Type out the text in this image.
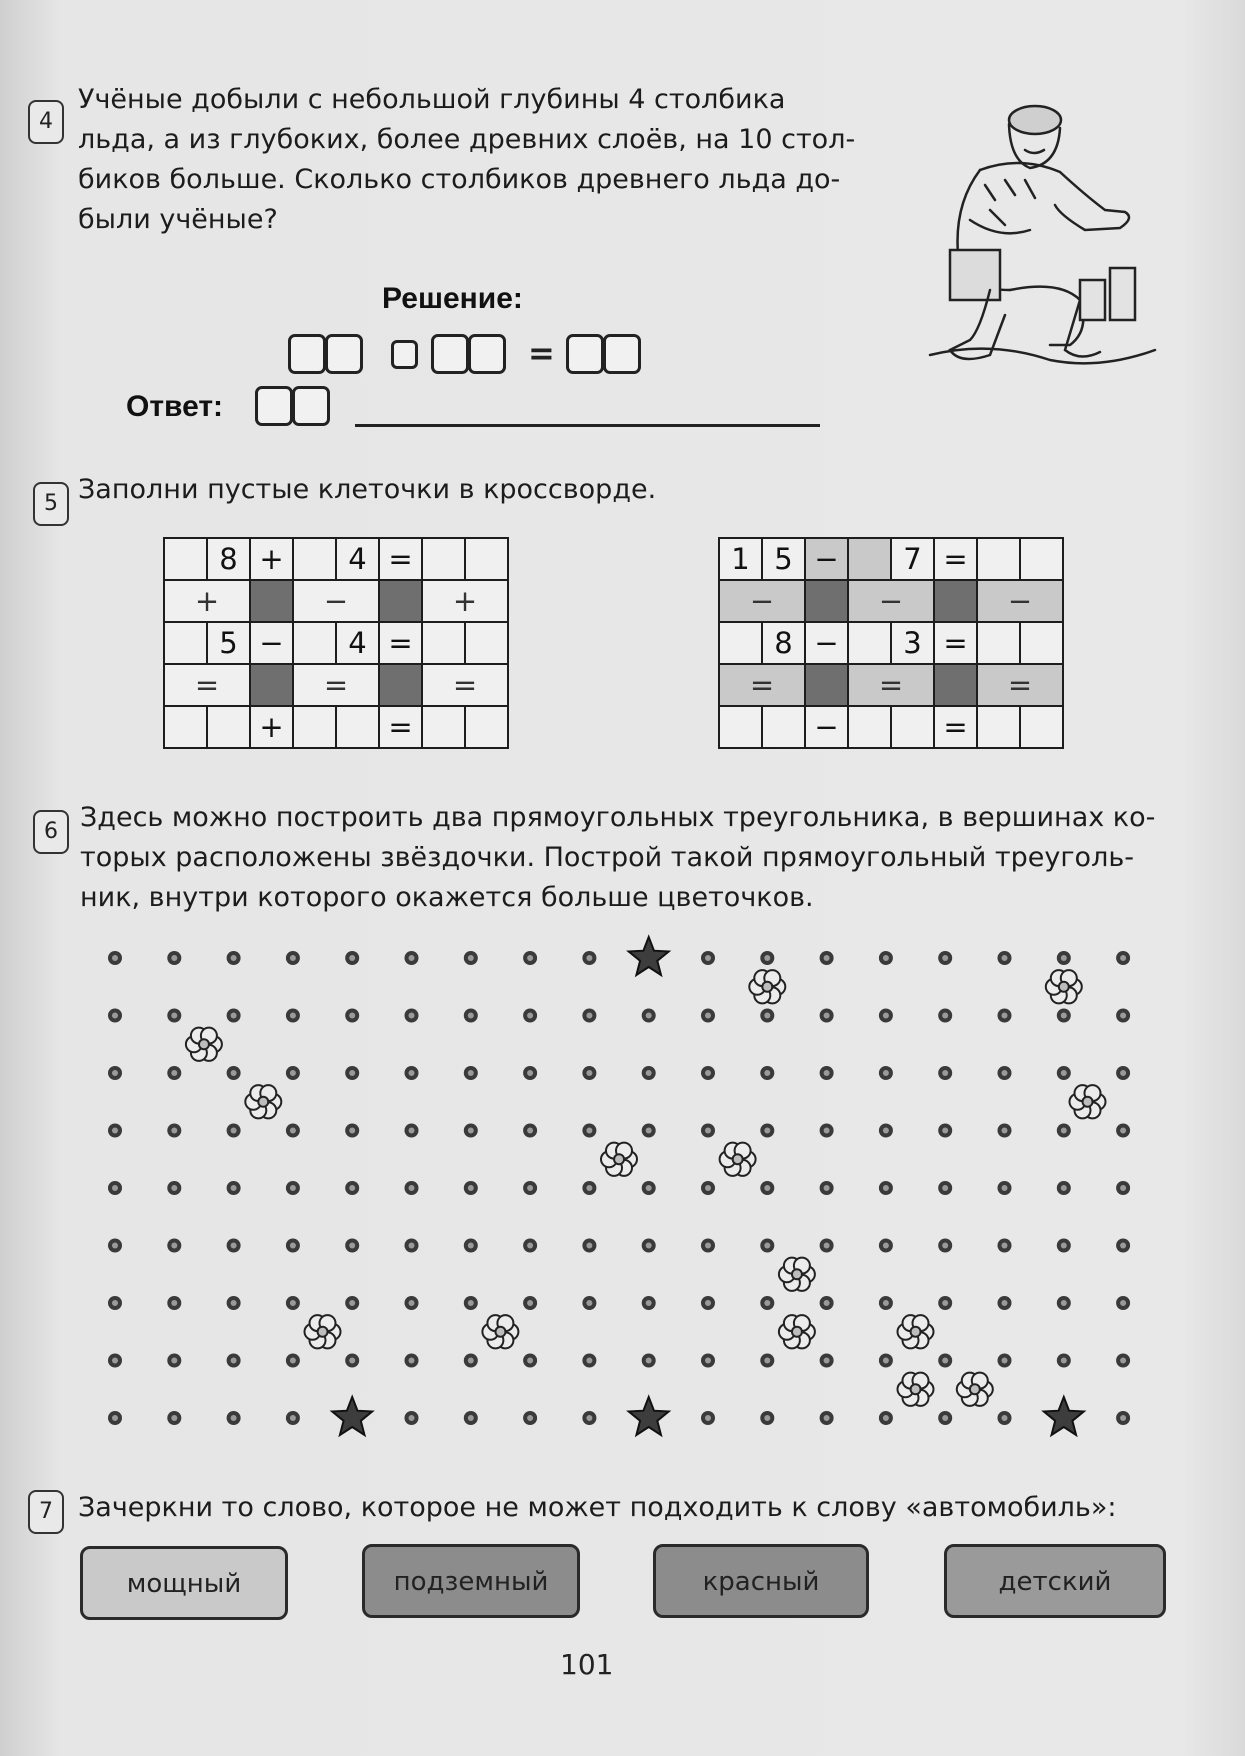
4
Учёные добыли с небольшой глубины 4 столбика
льда, а из глубоких, более древних слоёв, на 10 стол-
биков больше. Сколько столбиков древнего льда до-
были учёные?
Решение:
=
Ответ:
5 Заполни пустые клеточки в кроссворде.
	8	+		4	=		
+			−			+	
	5	−		4	=		
=			=			=	
		+			=		
1	5	−		7	=		
−			−			−	
	8	−		3	=		
=			=			=	
		−			=		
6 Здесь можно построить два прямоугольных треугольника, в вершинах ко-
торых расположены звёздочки. Построй такой прямоугольный треуголь-
ник, внутри которого окажется больше цветочков.
7 Зачеркни то слово, которое не может подходить к слову «автомобиль»:
мощный	подземный	красный	детский
101
